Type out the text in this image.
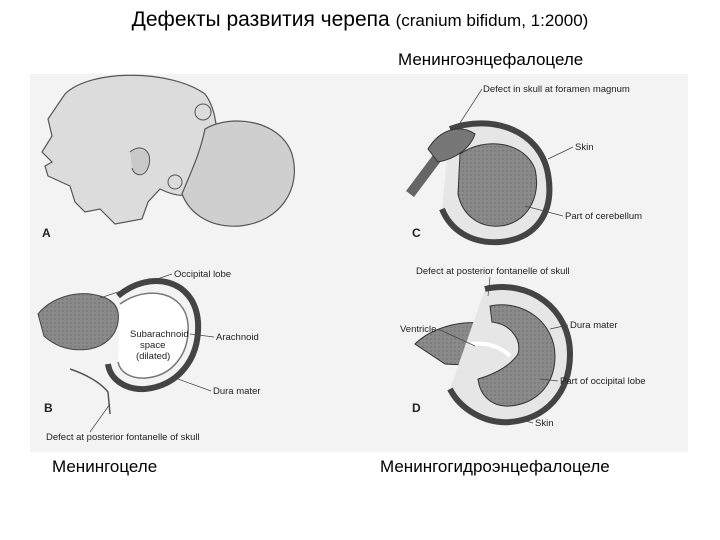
Дефекты развития черепа (cranium bifidum, 1:2000)
Менингоэнцефалоцеле
A
Subarachnoid
space
(dilated)
Occipital lobe
Arachnoid
Dura mater
B
Defect at posterior fontanelle of skull
Defect in skull at foramen magnum
Skin
Part of cerebellum
C
Defect at posterior fontanelle of skull
Ventricle	Dura mater
Part of occipital lobe
Skin
D
Менингоцеле	Менингогидроэнцефалоцеле
